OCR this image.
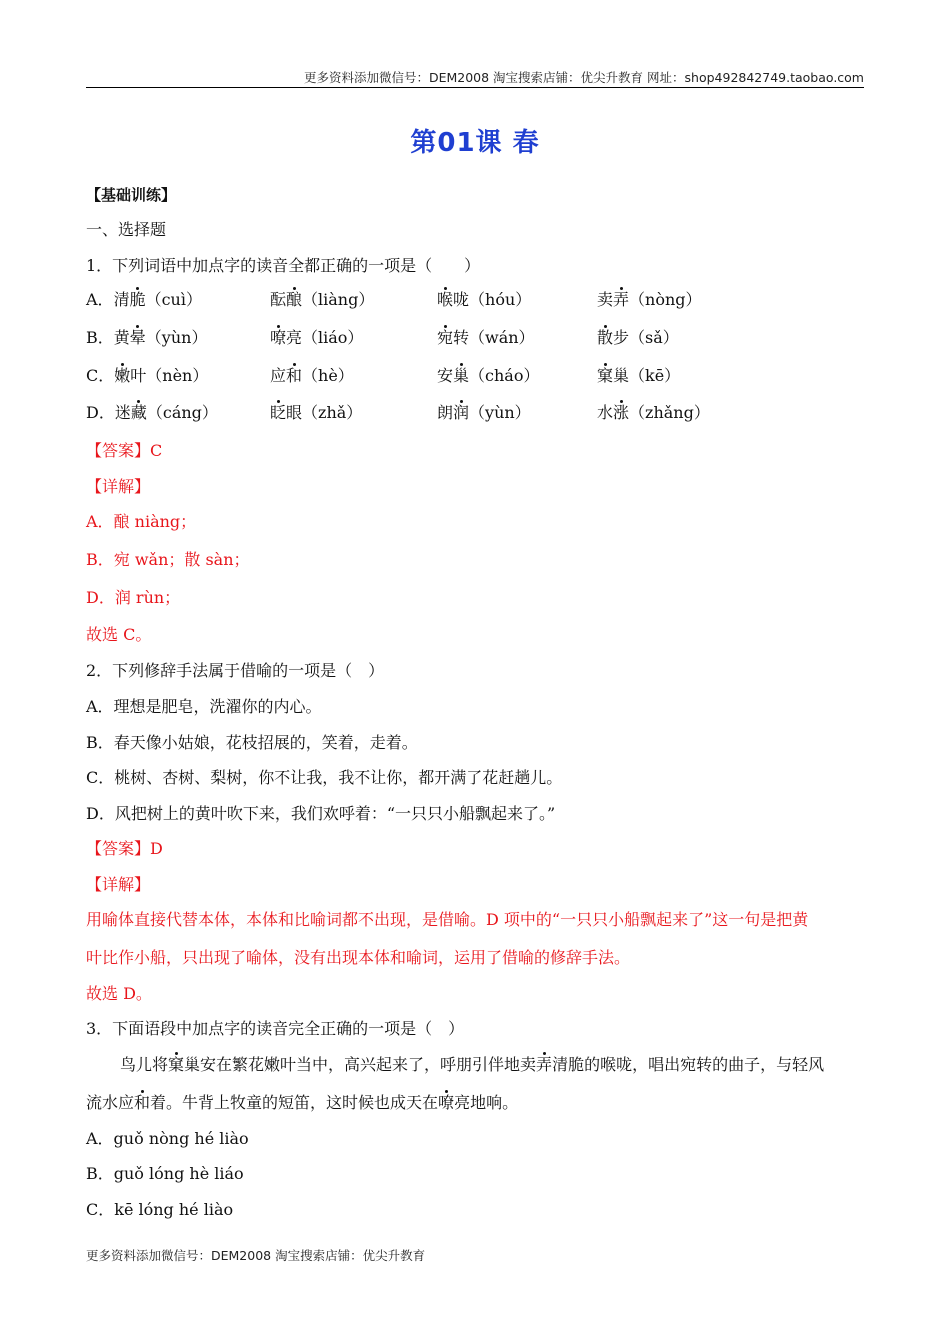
更多资料添加微信号：DEM2008 淘宝搜索店铺：优尖升教育 网址：shop492842749.taobao.com
第01课 春
【基础训练】
一、选择题
1．下列词语中加点字的读音全都正确的一项是（　　）
A．清脆（cuì）	酝酿（liàng）	喉咙（hóu）	卖弄（nòng）
B．黄晕（yùn）	嘹亮（liáo）	宛转（wán）	散步（sǎ）
C．嫩叶（nèn）	应和（hè）	安巢（cháo）	窠巢（kē）
D．迷藏（cáng）	眨眼（zhǎ）	朗润（yùn）	水涨（zhǎng）
【答案】C
【详解】
A．酿 niàng；
B．宛 wǎn；散 sàn；
D．润 rùn；
故选 C。
2．下列修辞手法属于借喻的一项是（　）
A．理想是肥皂，洗濯你的内心。
B．春天像小姑娘，花枝招展的，笑着，走着。
C．桃树、杏树、梨树，你不让我，我不让你，都开满了花赶趟儿。
D．风把树上的黄叶吹下来，我们欢呼着：“一只只小船飘起来了。”
【答案】D
【详解】
用喻体直接代替本体，本体和比喻词都不出现，是借喻。D 项中的“一只只小船飘起来了”这一句是把黄
叶比作小船，只出现了喻体，没有出现本体和喻词，运用了借喻的修辞手法。
故选 D。
3．下面语段中加点字的读音完全正确的一项是（　）
鸟儿将窠巢安在繁花嫩叶当中，高兴起来了，呼朋引伴地卖弄清脆的喉咙，唱出宛转的曲子，与轻风
流水应和着。牛背上牧童的短笛，这时候也成天在嘹亮地响。
A．guǒ nòng hé liào
B．guǒ lóng hè liáo
C．kē lóng hé liào
更多资料添加微信号：DEM2008 淘宝搜索店铺：优尖升教育
